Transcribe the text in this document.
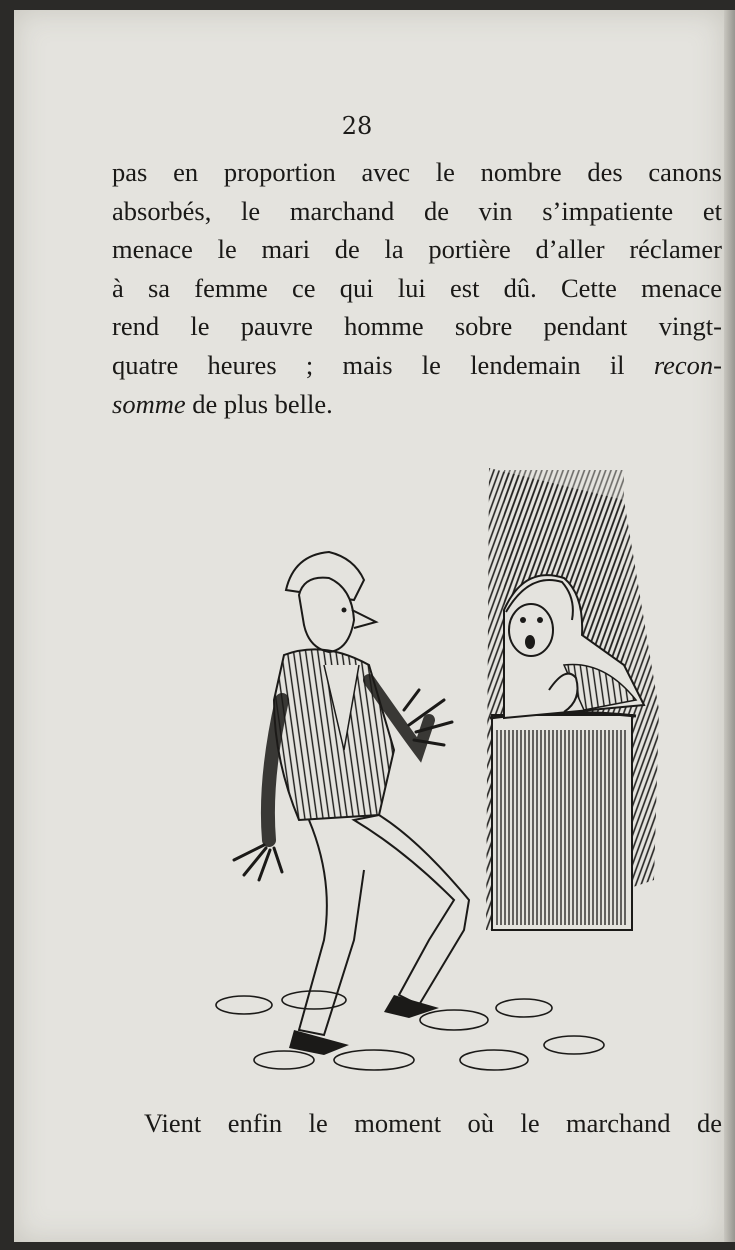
28
pas en proportion avec le nombre des canons
absorbés, le marchand de vin s’impatiente et
menace le mari de la portière d’aller réclamer
à sa femme ce qui lui est dû. Cette menace
rend le pauvre homme sobre pendant vingt-
quatre heures ; mais le lendemain il recon-
somme de plus belle.
Vient enfin le moment où le marchand de
